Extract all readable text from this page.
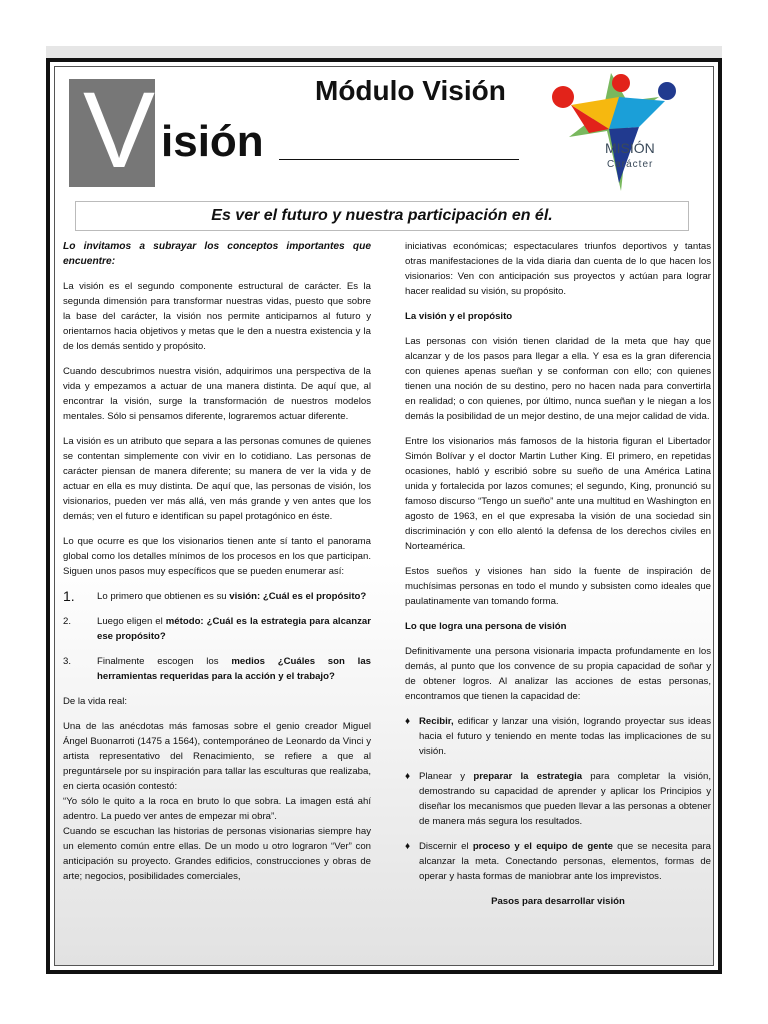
V isión
Módulo Visión
MISIÓN
Carácter
Es ver el futuro y nuestra participación en él.

Lo invitamos a subrayar los conceptos importantes que encuentre:

La visión es el segundo componente estructural de carácter. Es la segunda dimensión para transformar nuestras vidas, puesto que sobre la base del carácter, la visión nos permite anticiparnos al futuro y orientarnos hacia objetivos y metas que le den a nuestra existencia y la de los demás sentido y propósito.

Cuando descubrimos nuestra visión, adquirimos una perspectiva de la vida y empezamos a actuar de una manera distinta. De aquí que, al encontrar la visión, surge la transformación de nuestros modelos mentales. Sólo si pensamos diferente, lograremos actuar diferente.

La visión es un atributo que separa a las personas comunes de quienes se contentan simplemente con vivir en lo cotidiano. Las personas de carácter piensan de manera diferente; su manera de ver la vida y de actuar en ella es muy distinta. De aquí que, las personas de visión, los visionarios, pueden ver más allá, ven más grande y ven antes que los demás; ven el futuro e identifican su papel protagónico en éste.

Lo que ocurre es que los visionarios tienen ante sí tanto el panorama global como los detalles mínimos de los procesos en los que participan. Siguen unos pasos muy específicos que se pueden enumerar así:

1.	Lo primero que obtienen es su visión: ¿Cuál es el propósito?
2.	Luego eligen el método: ¿Cuál es la estrategia para alcanzar ese propósito?
3.	Finalmente escogen los medios ¿Cuáles son las herramientas requeridas para la acción y el trabajo?

De la vida real:

Una de las anécdotas más famosas sobre el genio creador Miguel Ángel Buonarroti (1475 a 1564), contemporáneo de Leonardo da Vinci y artista representativo del Renacimiento, se refiere a que al preguntársele por su inspiración para tallar las esculturas que realizaba, en cierta ocasión contestó:

“Yo sólo le quito a la roca en bruto lo que sobra. La imagen está ahí adentro. La puedo ver antes de empezar mi obra”.

Cuando se escuchan las historias de personas visionarias siempre hay un elemento común entre ellas. De un modo u otro lograron “Ver” con anticipación su proyecto. Grandes edificios, construcciones y obras de arte; negocios, posibilidades comerciales,

iniciativas económicas; espectaculares triunfos deportivos y tantas otras manifestaciones de la vida diaria dan cuenta de lo que hacen los visionarios: Ven con anticipación sus proyectos y actúan para lograr hacer realidad su visión, su propósito.

La visión y el propósito

Las personas con visión tienen claridad de la meta que hay que alcanzar y de los pasos para llegar a ella. Y esa es la gran diferencia con quienes apenas sueñan y se conforman con ello; con quienes tienen una noción de su destino, pero no hacen nada para convertirla en realidad; o con quienes, por último, nunca sueñan y le niegan a los demás la posibilidad de un mejor destino, de una mejor calidad de vida.

Entre los visionarios más famosos de la historia figuran el Libertador Simón Bolívar y el doctor Martin Luther King. El primero, en repetidas ocasiones, habló y escribió sobre su sueño de una América Latina unida y fortalecida por lazos comunes; el segundo, King, pronunció su famoso discurso “Tengo un sueño” ante una multitud en Washington en agosto de 1963, en el que expresaba la visión de una sociedad sin discriminación y con ello alentó la defensa de los derechos civiles en Norteamérica.

Estos sueños y visiones han sido la fuente de inspiración de muchísimas personas en todo el mundo y subsisten como ideales que paulatinamente van tomando forma.

Lo que logra una persona de visión

Definitivamente una persona visionaria impacta profundamente en los demás, al punto que los convence de su propia capacidad de soñar y de obtener logros. Al analizar las acciones de estas personas, encontramos que tienen la capacidad de:

♦ Recibir, edificar y lanzar una visión, logrando proyectar sus ideas hacia el futuro y teniendo en mente todas las implicaciones de su visión.
♦ Planear y preparar la estrategia para completar la visión, demostrando su capacidad de aprender y aplicar los Principios y diseñar los mecanismos que pueden llevar a las personas a obtener de manera más segura los resultados.
♦ Discernir el proceso y el equipo de gente que se necesita para alcanzar la meta. Conectando personas, elementos, formas de operar y hasta formas de maniobrar ante los imprevistos.

Pasos para desarrollar visión
